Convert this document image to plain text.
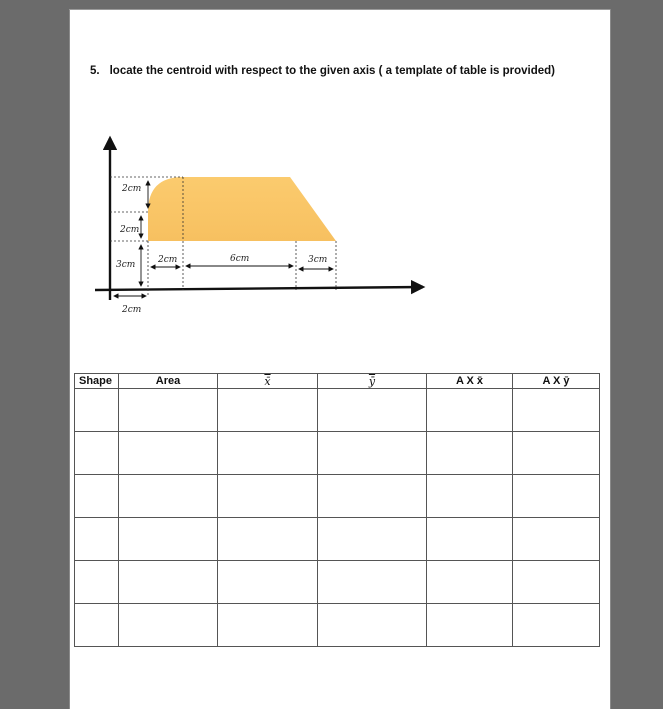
5. locate the centroid with respect to the given axis ( a template of table is provided)
2cm
2cm
3cm
2cm
2cm	6cm	3cm
Shape	Area	x̄	$\overline{ȳ}$	A X x̄	A X ȳ
